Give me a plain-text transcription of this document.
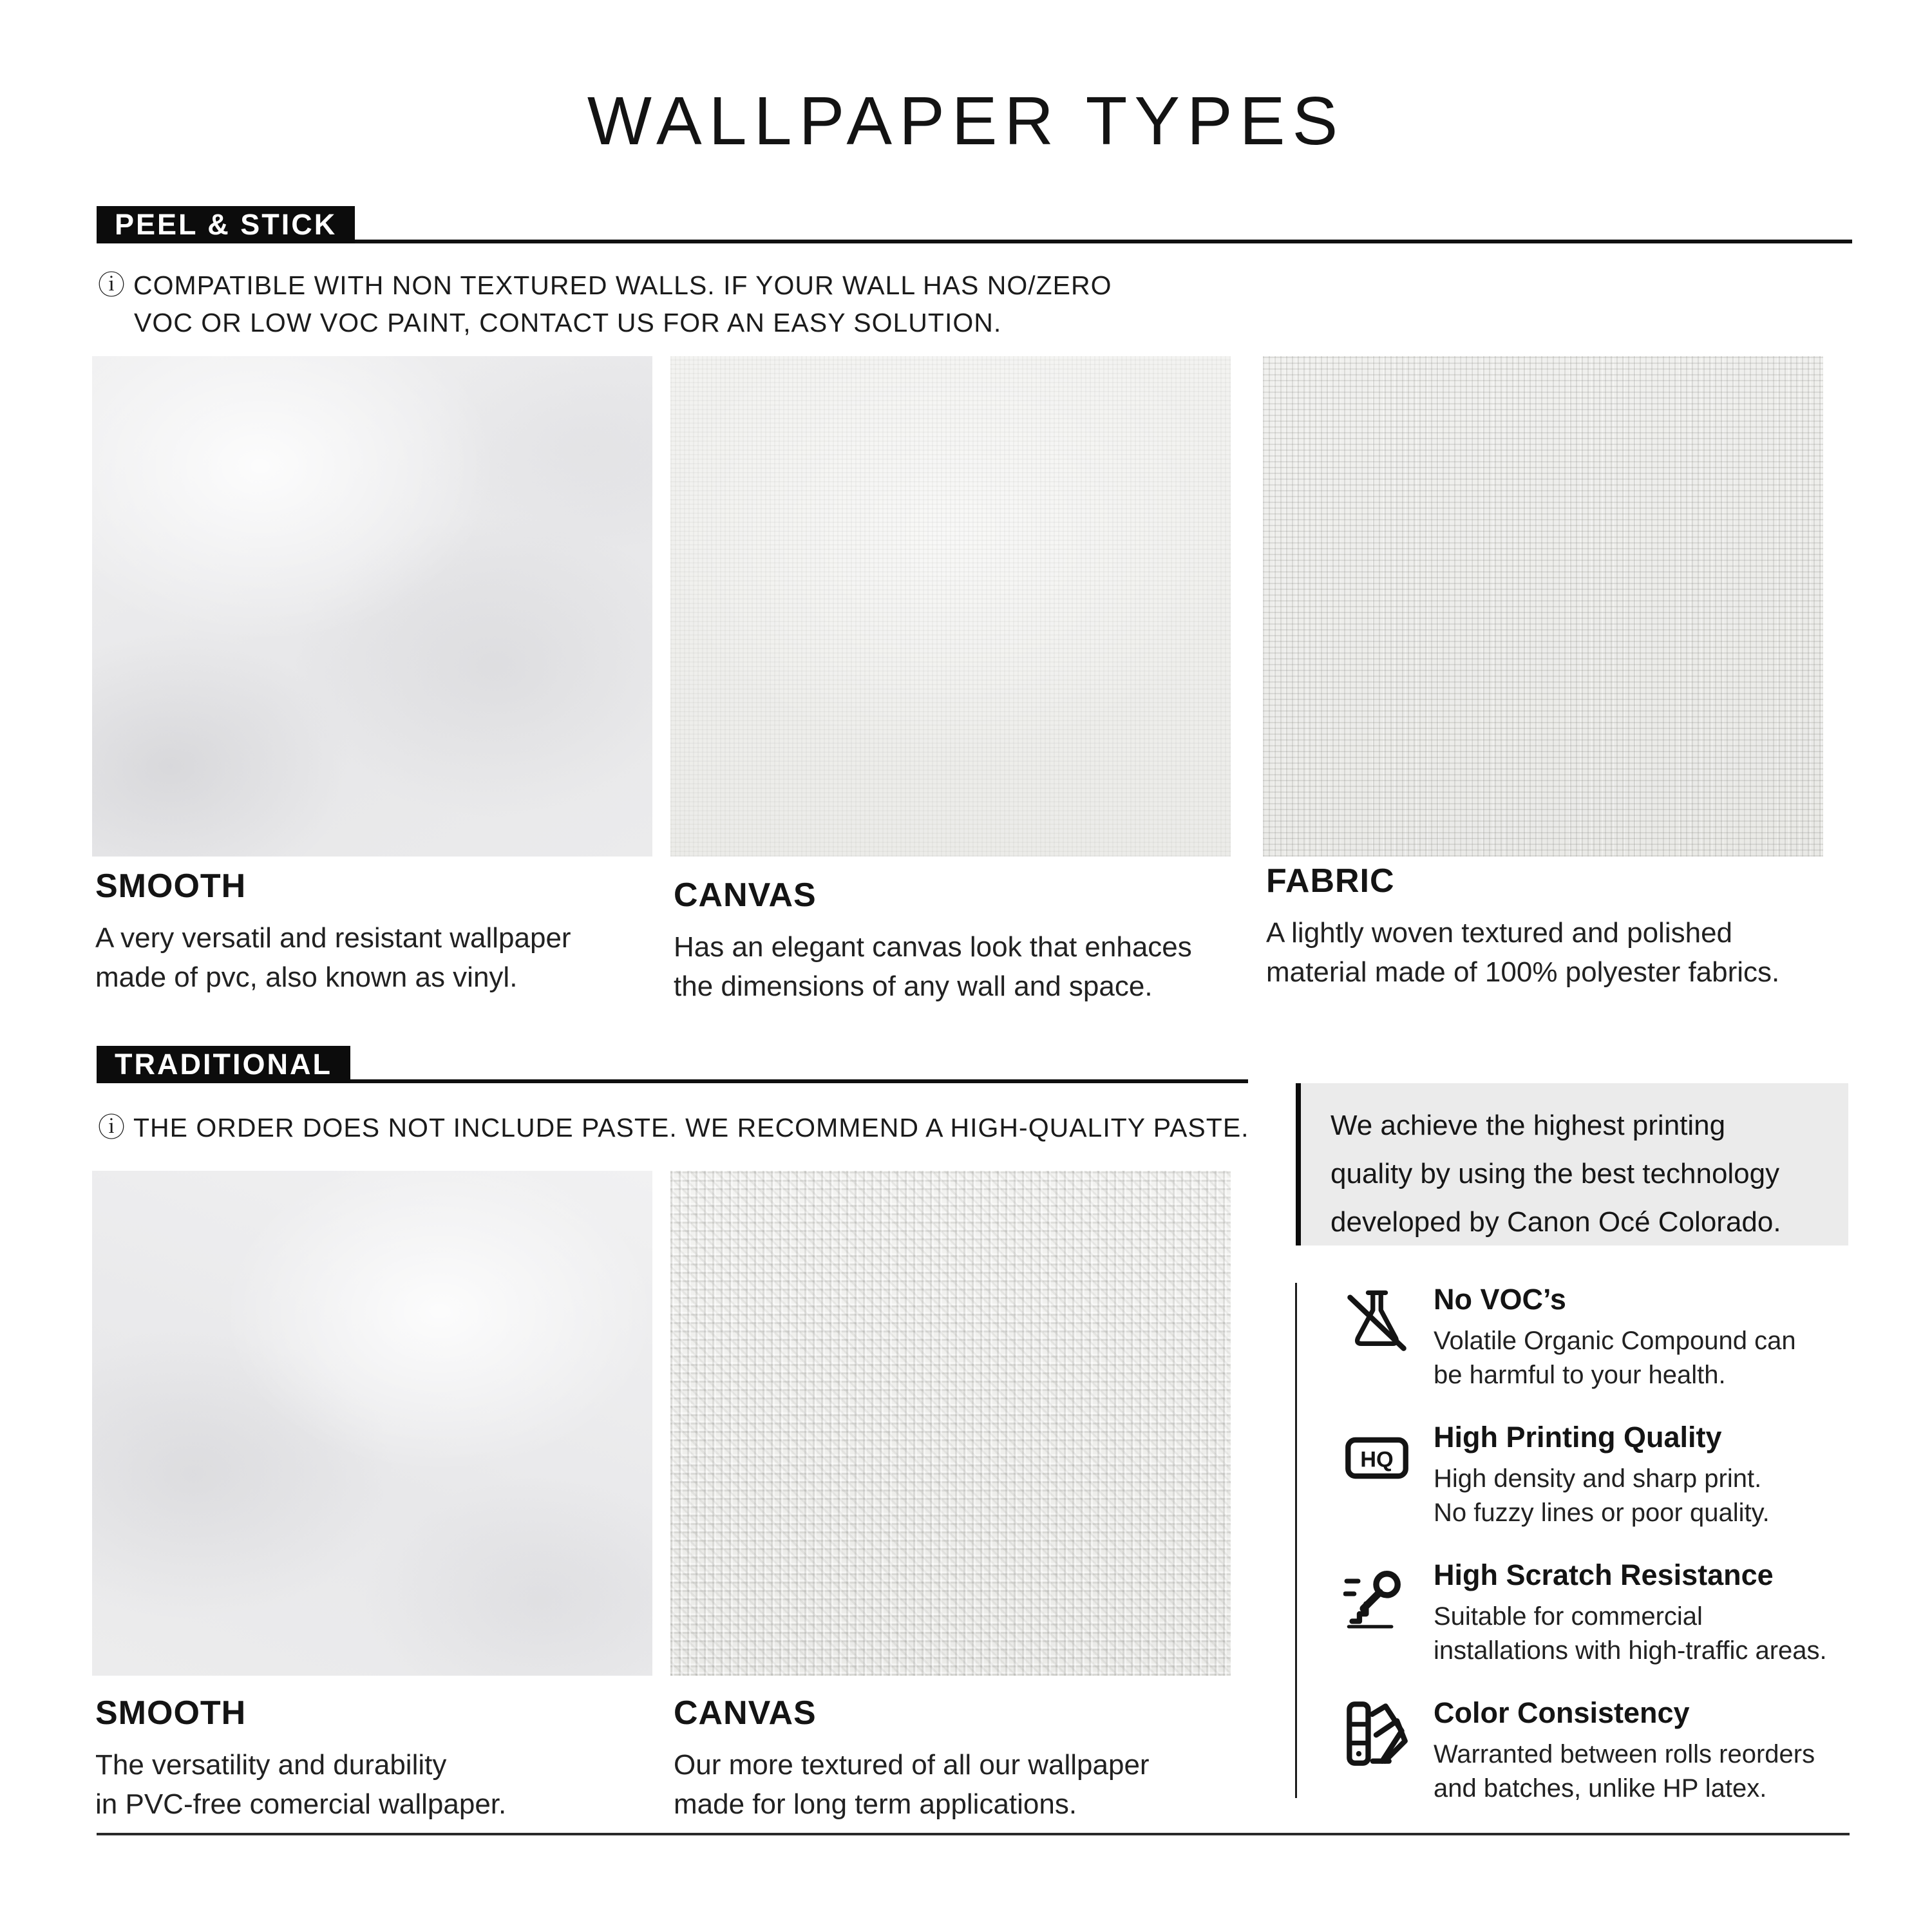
WALLPAPER TYPES
PEEL & STICK
ⓘ COMPATIBLE WITH NON TEXTURED WALLS. IF YOUR WALL HAS NO/ZERO
VOC OR LOW VOC PAINT, CONTACT US FOR AN EASY SOLUTION.
SMOOTH
A very versatil and resistant wallpaper
made of pvc, also known as vinyl.
CANVAS
Has an elegant canvas look that enhaces
the dimensions of any wall and space.
FABRIC
A lightly woven textured and polished
material made of 100% polyester fabrics.
TRADITIONAL
ⓘ THE ORDER DOES NOT INCLUDE PASTE. WE RECOMMEND A HIGH-QUALITY PASTE.
SMOOTH
The versatility and durability
in PVC-free comercial wallpaper.
CANVAS
Our more textured of all our wallpaper
made for long term applications.
We achieve the highest printing
quality by using the best technology
developed by Canon Océ Colorado.
No VOC’s
Volatile Organic Compound can
be harmful to your health.
HQ
High Printing Quality
High density and sharp print.
No fuzzy lines or poor quality.
High Scratch Resistance
Suitable for commercial
installations with high-traffic areas.
Color Consistency
Warranted between rolls reorders
and batches, unlike HP latex.
